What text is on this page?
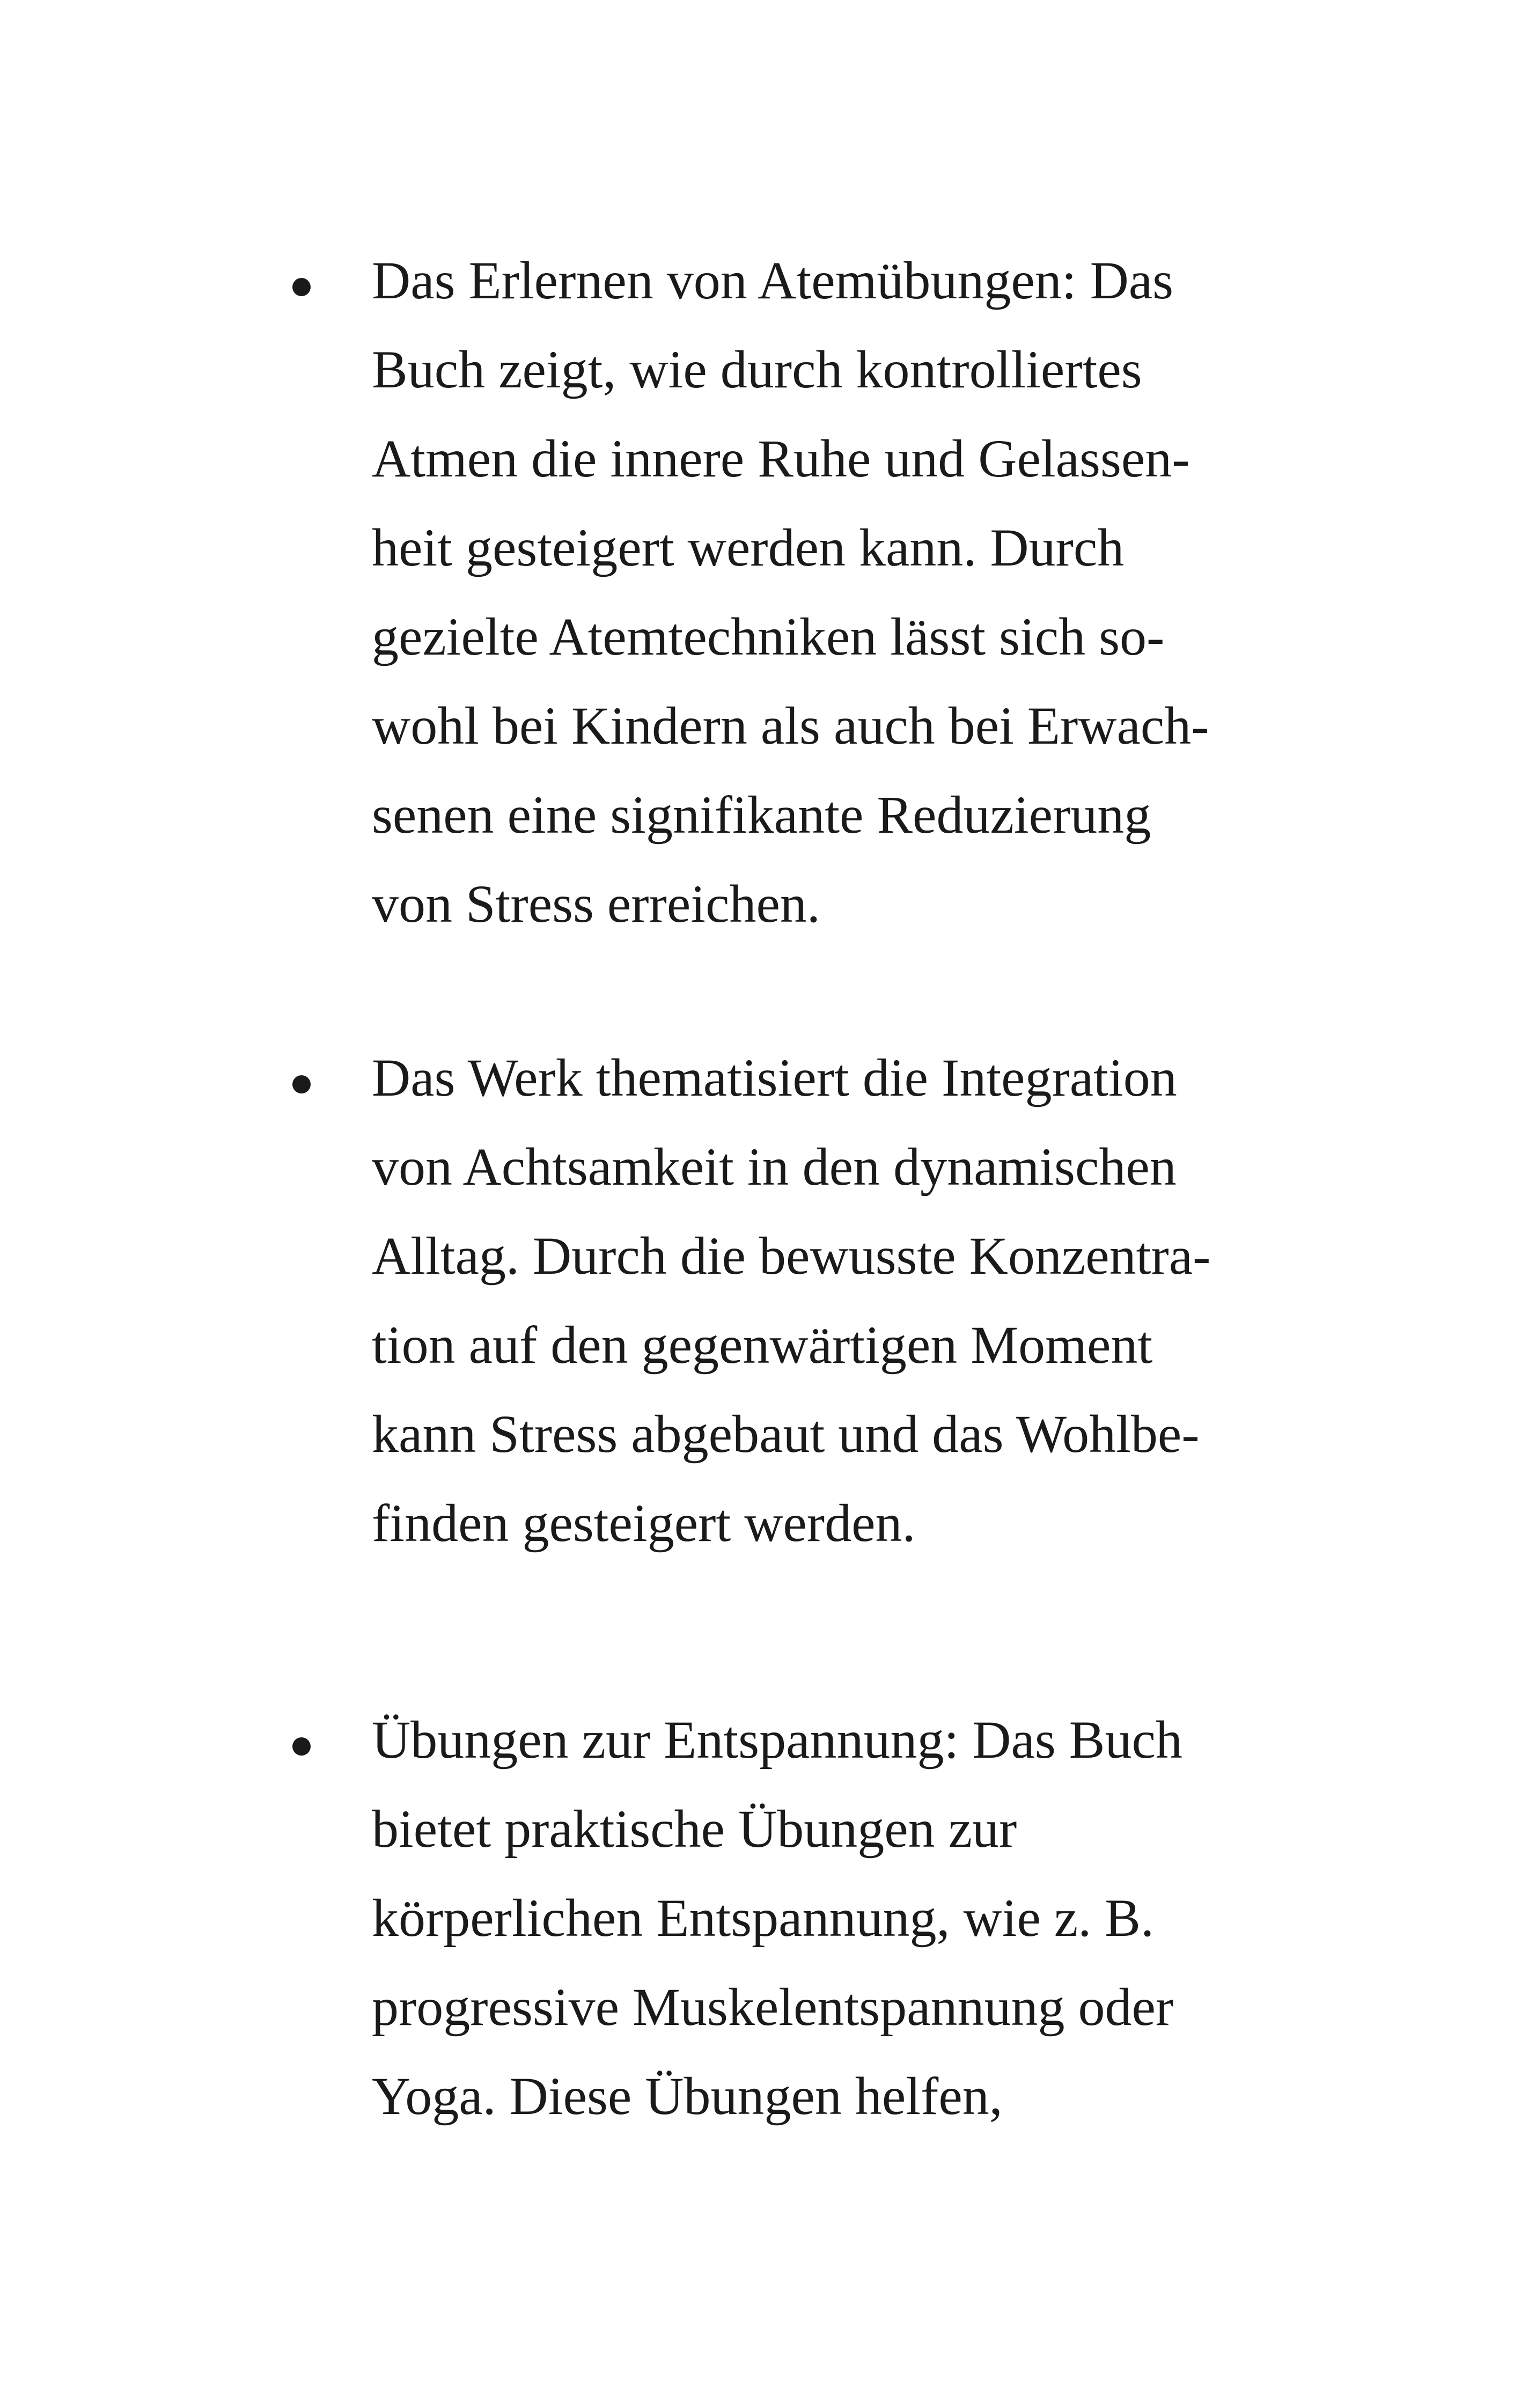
Das Erlernen von Atemübungen: Das
Buch zeigt, wie durch kontrolliertes
Atmen die innere Ruhe und Gelassen-
heit gesteigert werden kann. Durch
gezielte Atemtechniken lässt sich so-
wohl bei Kindern als auch bei Erwach-
senen eine signifikante Reduzierung
von Stress erreichen.

Das Werk thematisiert die Integration
von Achtsamkeit in den dynamischen
Alltag. Durch die bewusste Konzentra-
tion auf den gegenwärtigen Moment
kann Stress abgebaut und das Wohlbe-
finden gesteigert werden.

Übungen zur Entspannung: Das Buch
bietet praktische Übungen zur
körperlichen Entspannung, wie z. B.
progressive Muskelentspannung oder
Yoga. Diese Übungen helfen,
